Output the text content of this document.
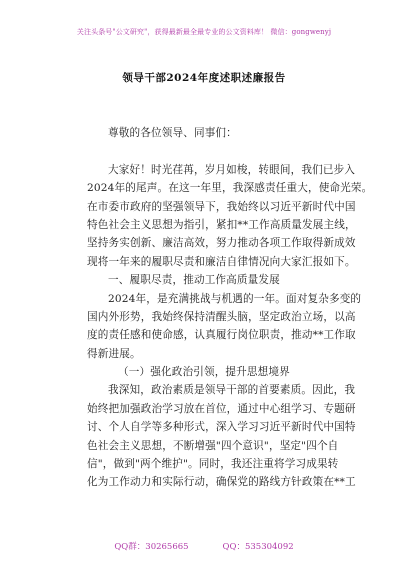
关注头条号"公文研究"，获得最新最全最专业的公文资料库！ 微信：gongwenyj
领导干部2024年度述职述廉报告
尊敬的各位领导、同事们：
大家好！时光荏苒，岁月如梭，转眼间，我们已步入
2024年的尾声。在这一年里，我深感责任重大，使命光荣。
在市委市政府的坚强领导下，我始终以习近平新时代中国
特色社会主义思想为指引，紧扣**工作高质量发展主线，
坚持务实创新、廉洁高效，努力推动各项工作取得新成效
现将一年来的履职尽责和廉洁自律情况向大家汇报如下。
一、履职尽责，推动工作高质量发展
2024年，是充满挑战与机遇的一年。面对复杂多变的
国内外形势，我始终保持清醒头脑，坚定政治立场，以高
度的责任感和使命感，认真履行岗位职责，推动**工作取
得新进展。
（一）强化政治引领，提升思想境界
我深知，政治素质是领导干部的首要素质。因此，我
始终把加强政治学习放在首位，通过中心组学习、专题研
讨、个人自学等多种形式，深入学习习近平新时代中国特
色社会主义思想，不断增强"四个意识"，坚定"四个自
信"，做到"两个维护"。同时，我还注重将学习成果转
化为工作动力和实际行动，确保党的路线方针政策在**工
QQ群：30265665	QQ：535304092
